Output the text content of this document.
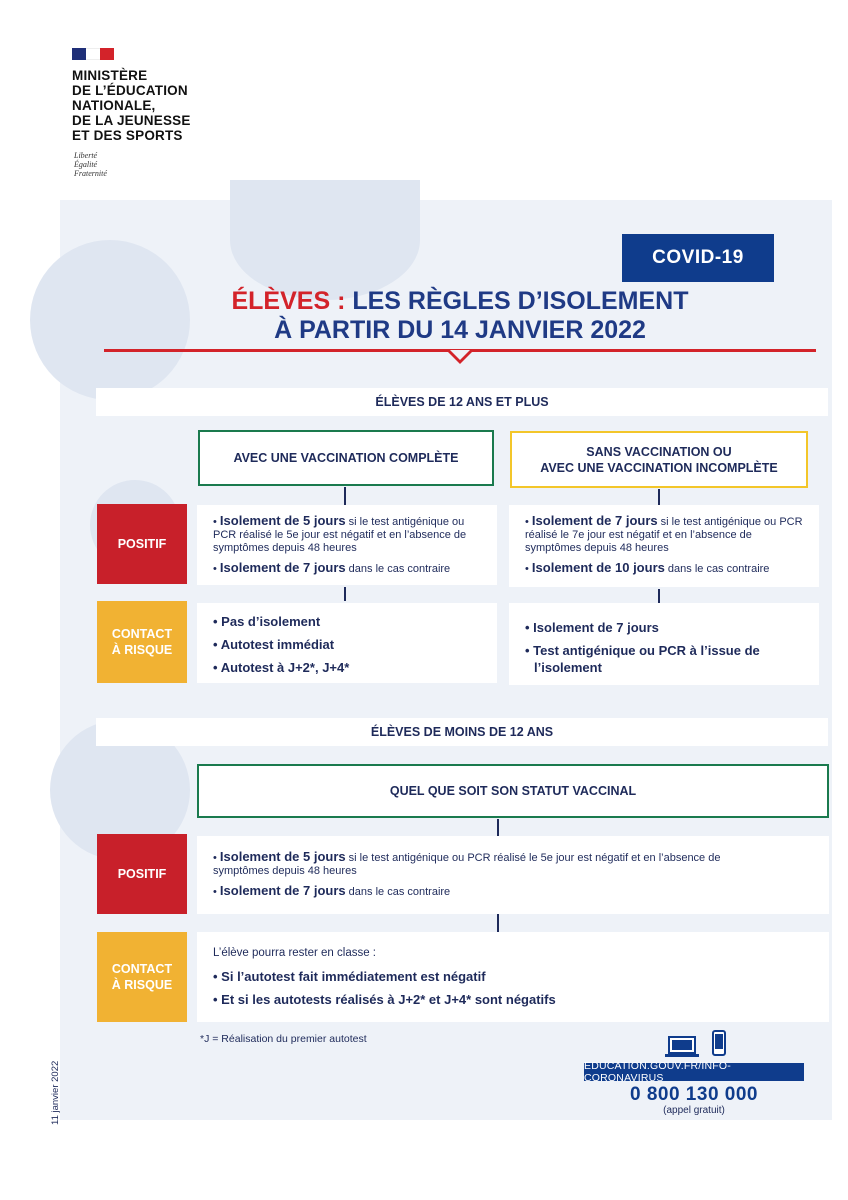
MINISTÈRE
DE L’ÉDUCATION
NATIONALE,
DE LA JEUNESSE
ET DES SPORTS
Liberté
Égalité
Fraternité
COVID-19
ÉLÈVES : LES RÈGLES D’ISOLEMENT
À PARTIR DU 14 JANVIER 2022
ÉLÈVES DE 12 ANS ET PLUS
AVEC UNE VACCINATION COMPLÈTE	SANS VACCINATION OU
AVEC UNE VACCINATION INCOMPLÈTE
POSITIF
CONTACT
À RISQUE
• Isolement de 5 jours si le test antigénique ou PCR réalisé le 5e jour est négatif et en l’absence de symptômes depuis 48 heures
• Isolement de 7 jours dans le cas contraire
• Isolement de 7 jours si le test antigénique ou PCR réalisé le 7e jour est négatif et en l’absence de symptômes depuis 48 heures
• Isolement de 10 jours dans le cas contraire
• Pas d’isolement
• Autotest immédiat
• Autotest à J+2*, J+4*
• Isolement de 7 jours
• Test antigénique ou PCR à l’issue de l’isolement
ÉLÈVES DE MOINS DE 12 ANS
QUEL QUE SOIT SON STATUT VACCINAL
POSITIF
CONTACT
À RISQUE
• Isolement de 5 jours si le test antigénique ou PCR réalisé le 5e jour est négatif et en l’absence de symptômes depuis 48 heures
• Isolement de 7 jours dans le cas contraire
L’élève pourra rester en classe :
• Si l’autotest fait immédiatement est négatif
• Et si les autotests réalisés à J+2* et J+4* sont négatifs
*J = Réalisation du premier autotest
11 janvier 2022	EDUCATION.GOUV.FR/INFO-CORONAVIRUS
0 800 130 000
(appel gratuit)
